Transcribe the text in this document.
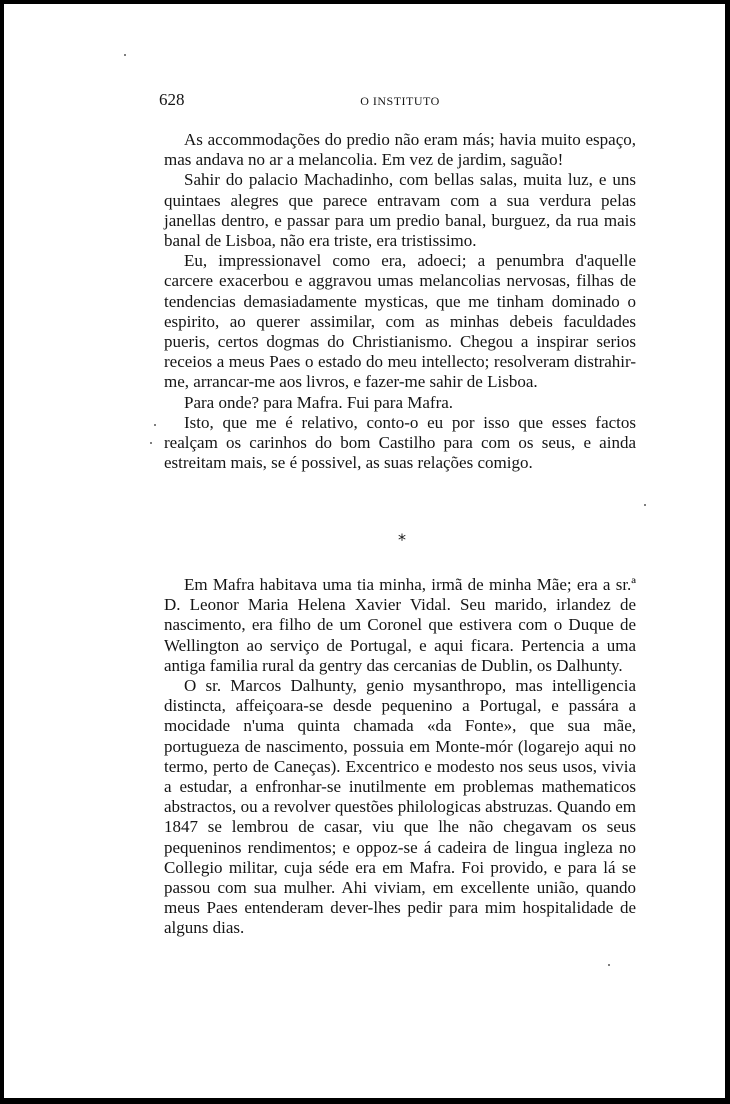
628	O INSTITUTO

As accommodações do predio não eram más; havia muito espaço, mas andava no ar a melancolia. Em vez de jardim, saguão!

Sahir do palacio Machadinho, com bellas salas, muita luz, e uns quintaes alegres que parece entravam com a sua verdura pelas janellas dentro, e passar para um predio banal, burguez, da rua mais banal de Lisboa, não era triste, era tristissimo.

Eu, impressionavel como era, adoeci; a penumbra d'aquelle carcere exacerbou e aggravou umas melancolias nervosas, filhas de tendencias demasiadamente mysticas, que me tinham dominado o espirito, ao querer assimilar, com as minhas debeis faculdades pueris, certos dogmas do Christianismo. Chegou a inspirar serios receios a meus Paes o estado do meu intellecto; resolveram distrahir-me, arrancar-me aos livros, e fazer-me sahir de Lisboa.

Para onde? para Mafra. Fui para Mafra.

Isto, que me é relativo, conto-o eu por isso que esses factos realçam os carinhos do bom Castilho para com os seus, e ainda estreitam mais, se é possivel, as suas relações comigo.

*

Em Mafra habitava uma tia minha, irmã de minha Mãe; era a sr.ª D. Leonor Maria Helena Xavier Vidal. Seu marido, irlandez de nascimento, era filho de um Coronel que estivera com o Duque de Wellington ao serviço de Portugal, e aqui ficara. Pertencia a uma antiga familia rural da gentry das cercanias de Dublin, os Dalhunty.

O sr. Marcos Dalhunty, genio mysanthropo, mas intelligencia distincta, affeiçoara-se desde pequenino a Portugal, e passára a mocidade n'uma quinta chamada «da Fonte», que sua mãe, portugueza de nascimento, possuia em Monte-mór (logarejo aqui no termo, perto de Caneças). Excentrico e modesto nos seus usos, vivia a estudar, a enfronhar-se inutilmente em problemas mathematicos abstractos, ou a revolver questões philologicas abstruzas. Quando em 1847 se lembrou de casar, viu que lhe não chegavam os seus pequeninos rendimentos; e oppoz-se á cadeira de lingua ingleza no Collegio militar, cuja séde era em Mafra. Foi provido, e para lá se passou com sua mulher. Ahi viviam, em excellente união, quando meus Paes entenderam dever-lhes pedir para mim hospitalidade de alguns dias.
